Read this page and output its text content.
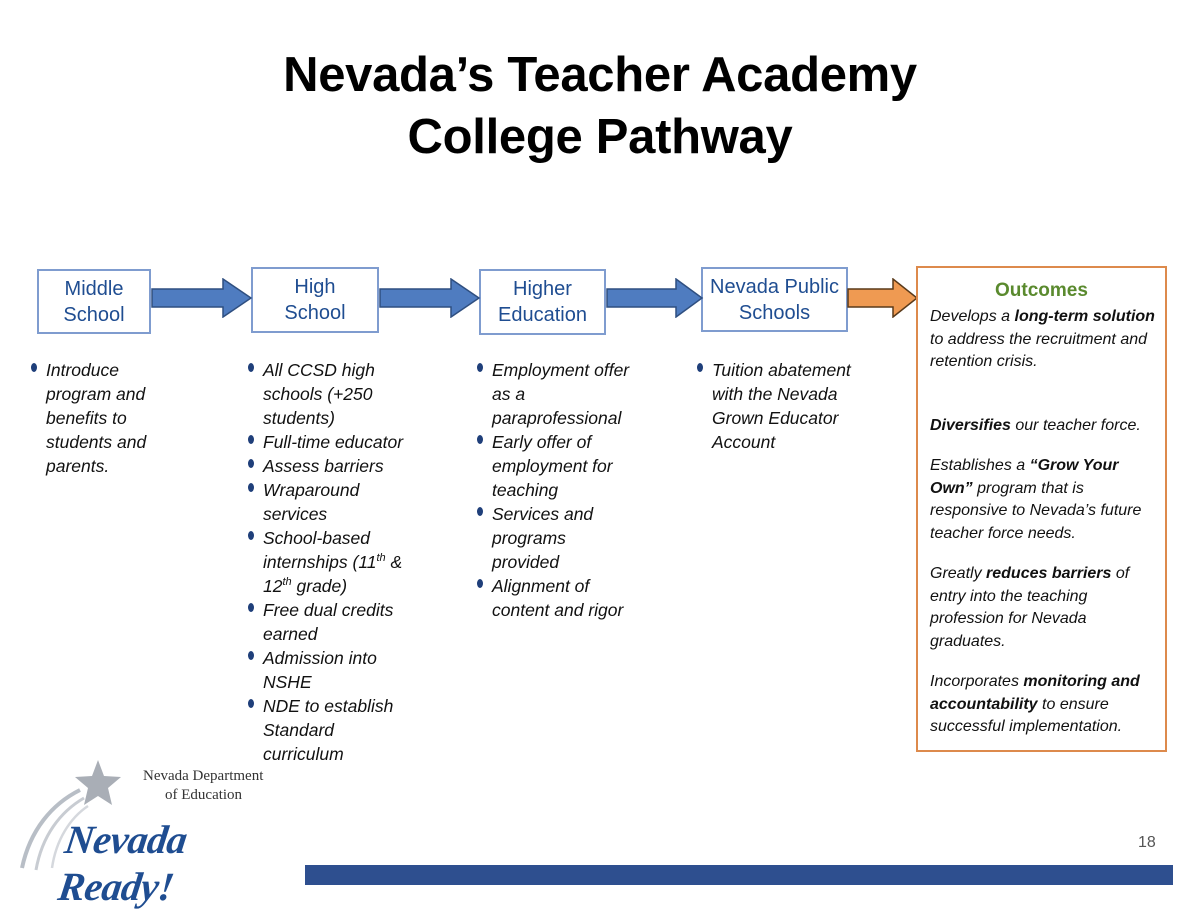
Nevada’s Teacher Academy
College Pathway
Middle
School
High
School
Higher
Education
Nevada Public
Schools
Introduce
program and
benefits to
students and
parents.
All CCSD high
schools (+250
students)
Full-time educator
Assess barriers
Wraparound
services
School-based
internships (11th &
12th grade)
Free dual credits
earned
Admission into
NSHE
NDE to establish
Standard
curriculum
Employment offer
as a
paraprofessional
Early offer of
employment for
teaching
Services and
programs
provided
Alignment of
content and rigor
Tuition abatement
with the Nevada
Grown Educator
Account
Outcomes

Develops a long-term solution to address the recruitment and retention crisis.

Diversifies our teacher force.

Establishes a “Grow Your Own” program that is responsive to Nevada’s future teacher force needs.

Greatly reduces barriers of entry into the teaching profession for Nevada graduates.

Incorporates monitoring and accountability to ensure successful implementation.

Nevada Department
of Education
Nevada Ready!
18
